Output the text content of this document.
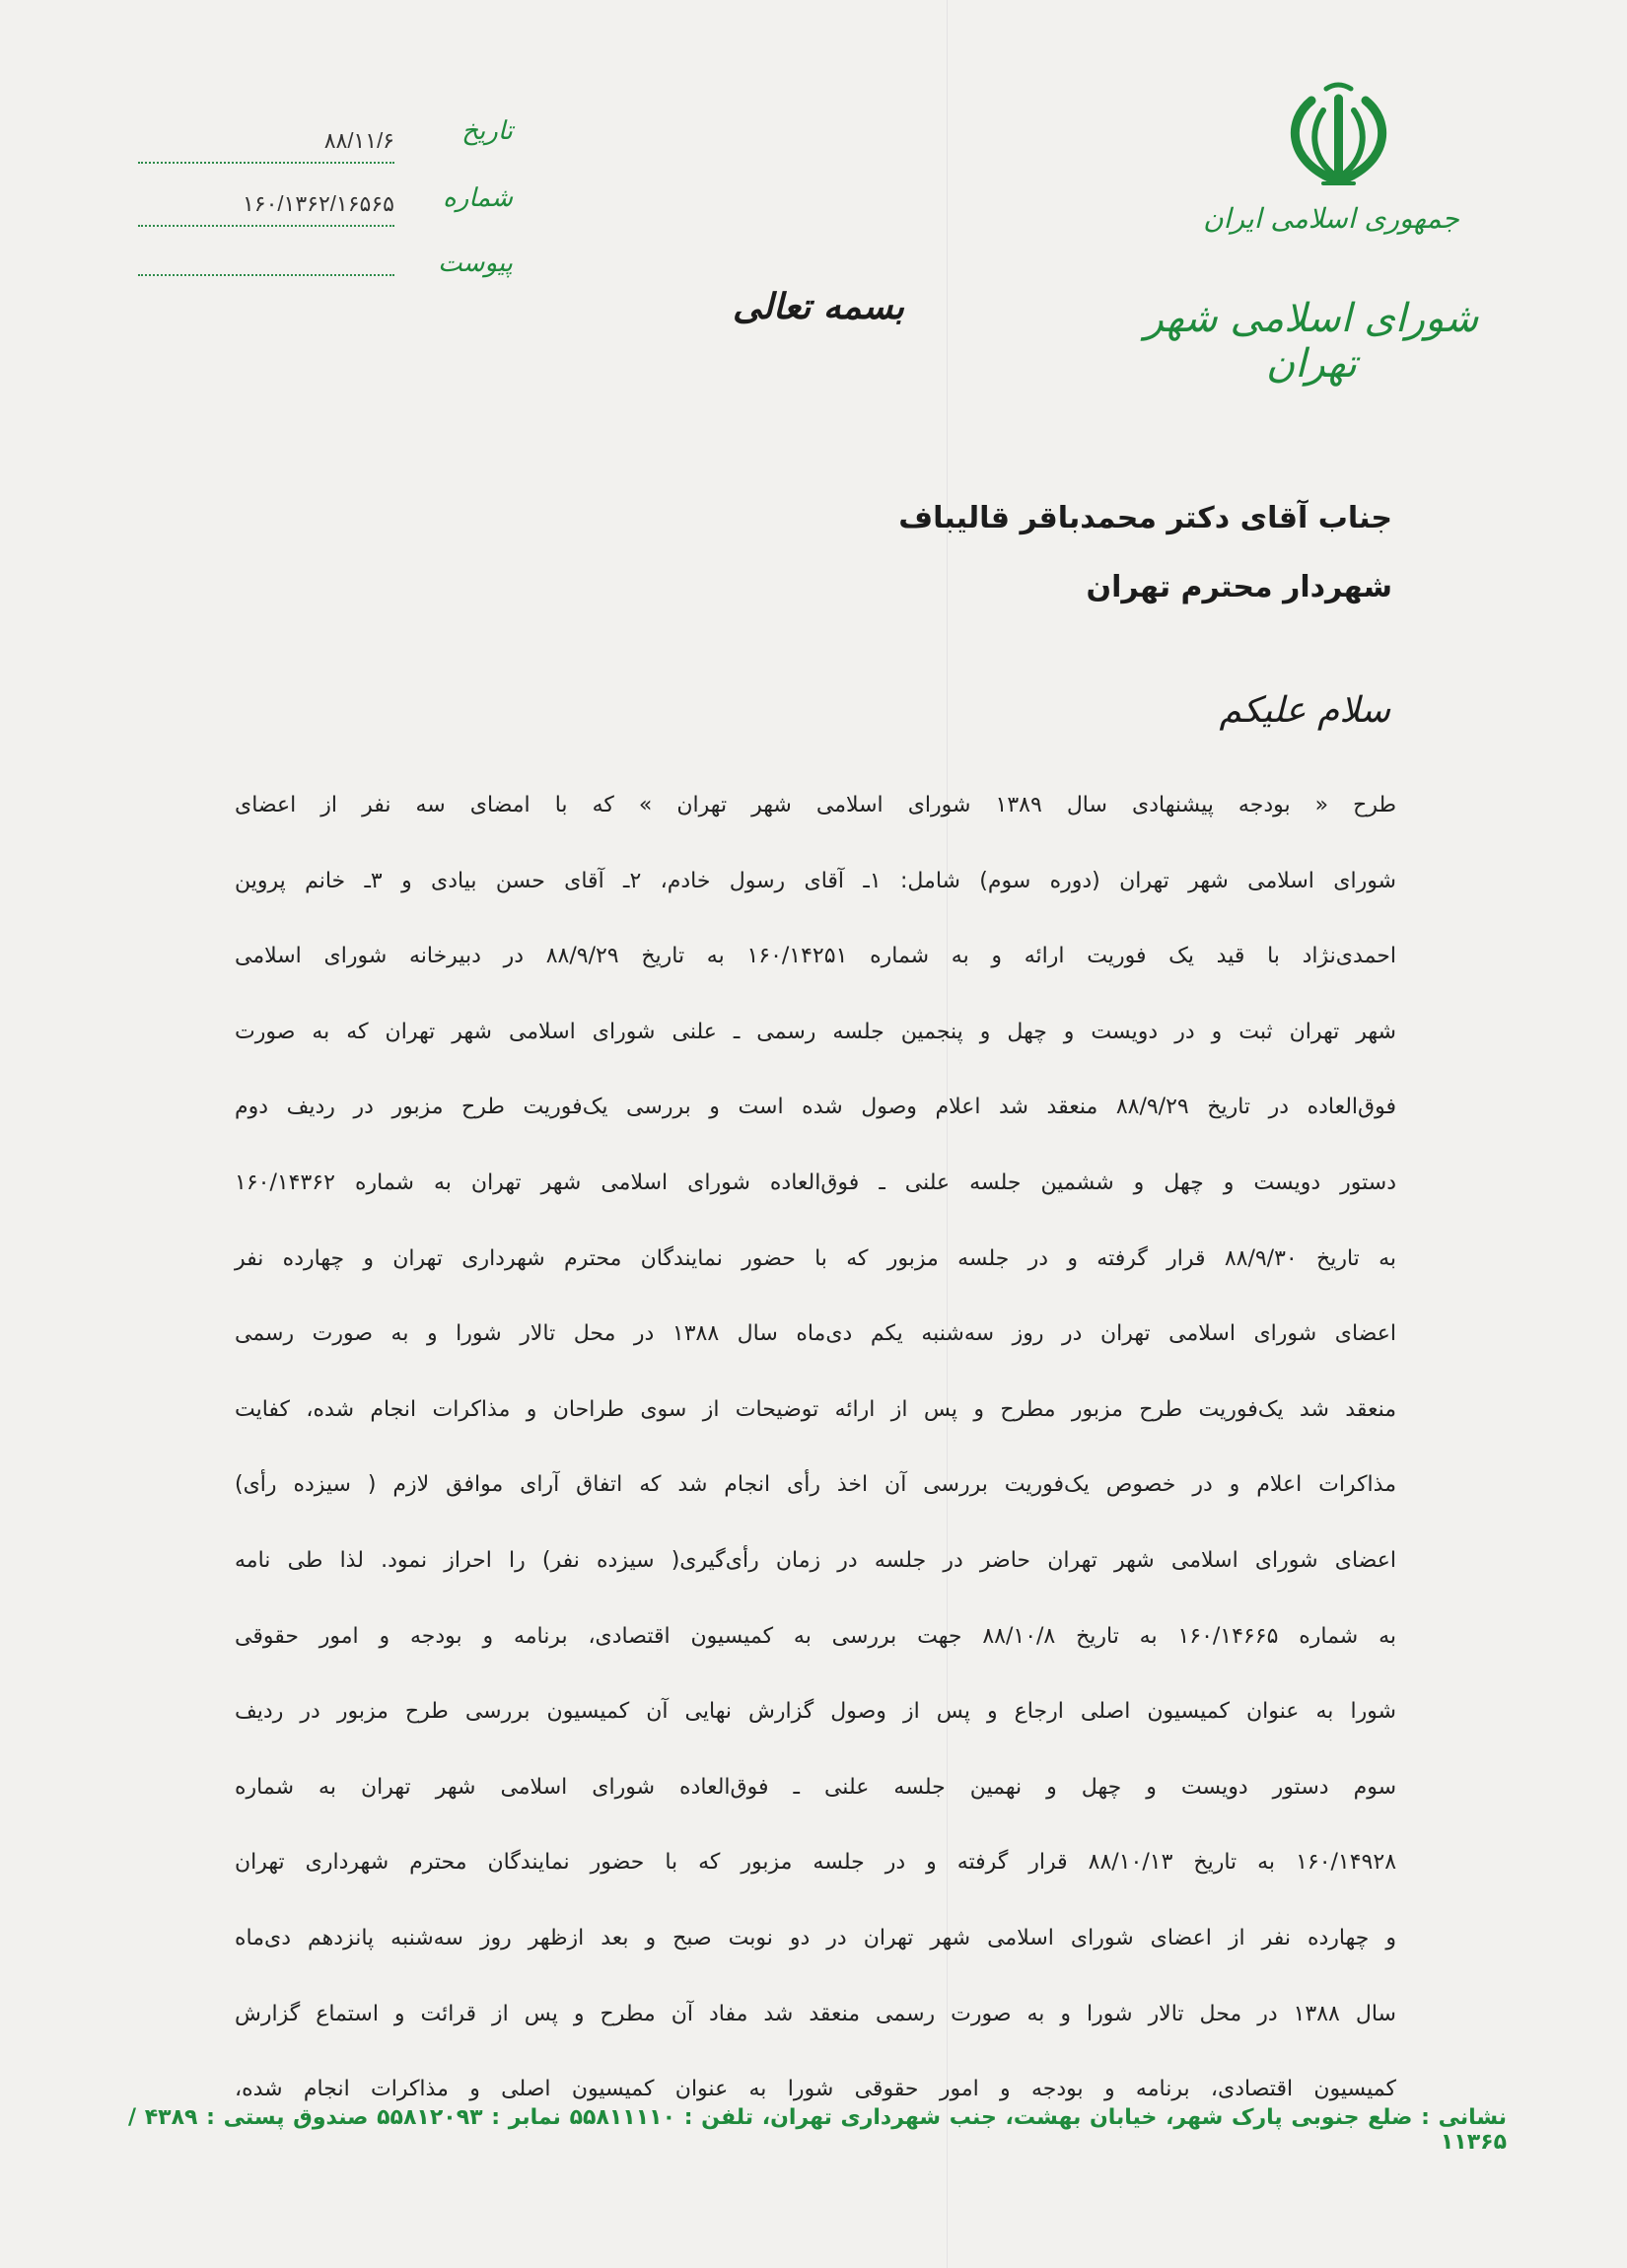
جمهوری اسلامی ایران
شورای اسلامی شهر تهران
بسمه تعالی
تاریخ
۸۸/۱۱/۶
شماره
۱۶۰/۱۳۶۲/۱۶۵۶۵
پیوست
جناب آقای دکتر محمدباقر قالیباف
شهردار محترم تهران
سلام علیکم
طرح « بودجه پیشنهادی سال ۱۳۸۹ شورای اسلامی شهر تهران » که با امضای سه نفر از اعضای
شورای اسلامی شهر تهران (دوره سوم) شامل: ۱ـ آقای رسول خادم، ۲ـ آقای حسن بیادی و ۳ـ خانم پروین
احمدی‌نژاد با قید یک فوریت ارائه و به شماره ۱۶۰/۱۴۲۵۱ به تاریخ ۸۸/۹/۲۹ در دبیرخانه شورای اسلامی
شهر تهران ثبت و در دویست و چهل و پنجمین جلسه رسمی ـ علنی شورای اسلامی شهر تهران که به صورت
فوق‌العاده در تاریخ ۸۸/۹/۲۹ منعقد شد اعلام وصول شده است و بررسی یک‌فوریت طرح مزبور در ردیف دوم
دستور دویست و چهل و ششمین جلسه علنی ـ فوق‌العاده شورای اسلامی شهر تهران به شماره ۱۶۰/۱۴۳۶۲
به تاریخ ۸۸/۹/۳۰ قرار گرفته و در جلسه مزبور که با حضور نمایندگان محترم شهرداری تهران و چهارده نفر
اعضای شورای اسلامی تهران در روز سه‌شنبه یکم دی‌ماه سال ۱۳۸۸ در محل تالار شورا و به صورت رسمی
منعقد شد یک‌فوریت طرح مزبور مطرح و پس از ارائه توضیحات از سوی طراحان و مذاکرات انجام شده، کفایت
مذاکرات اعلام و در خصوص یک‌فوریت بررسی آن اخذ رأی انجام شد که اتفاق آرای موافق لازم ( سیزده رأی)
اعضای شورای اسلامی شهر تهران حاضر در جلسه در زمان رأی‌گیری( سیزده نفر) را احراز نمود. لذا طی نامه
به شماره ۱۶۰/۱۴۶۶۵ به تاریخ ۸۸/۱۰/۸ جهت بررسی به کمیسیون اقتصادی، برنامه و بودجه و امور حقوقی
شورا به عنوان کمیسیون اصلی ارجاع و پس از وصول گزارش نهایی آن کمیسیون بررسی طرح مزبور در ردیف
سوم دستور دویست و چهل و نهمین جلسه علنی ـ فوق‌العاده شورای اسلامی شهر تهران به شماره
۱۶۰/۱۴۹۲۸ به تاریخ ۸۸/۱۰/۱۳ قرار گرفته و در جلسه مزبور که با حضور نمایندگان محترم شهرداری تهران
و چهارده نفر از اعضای شورای اسلامی شهر تهران در دو نوبت صبح و بعد ازظهر روز سه‌شنبه پانزدهم دی‌ماه
سال ۱۳۸۸ در محل تالار شورا و به صورت رسمی منعقد شد مفاد آن مطرح و پس از قرائت و استماع گزارش
کمیسیون اقتصادی، برنامه و بودجه و امور حقوقی شورا به عنوان کمیسیون اصلی و مذاکرات انجام شده،
نشانی : ضلع جنوبی پارک شهر، خیابان بهشت، جنب شهرداری تهران، تلفن : ۵۵۸۱۱۱۱۰ نمابر : ۵۵۸۱۲۰۹۳ صندوق پستی : ۴۳۸۹ / ۱۱۳۶۵
